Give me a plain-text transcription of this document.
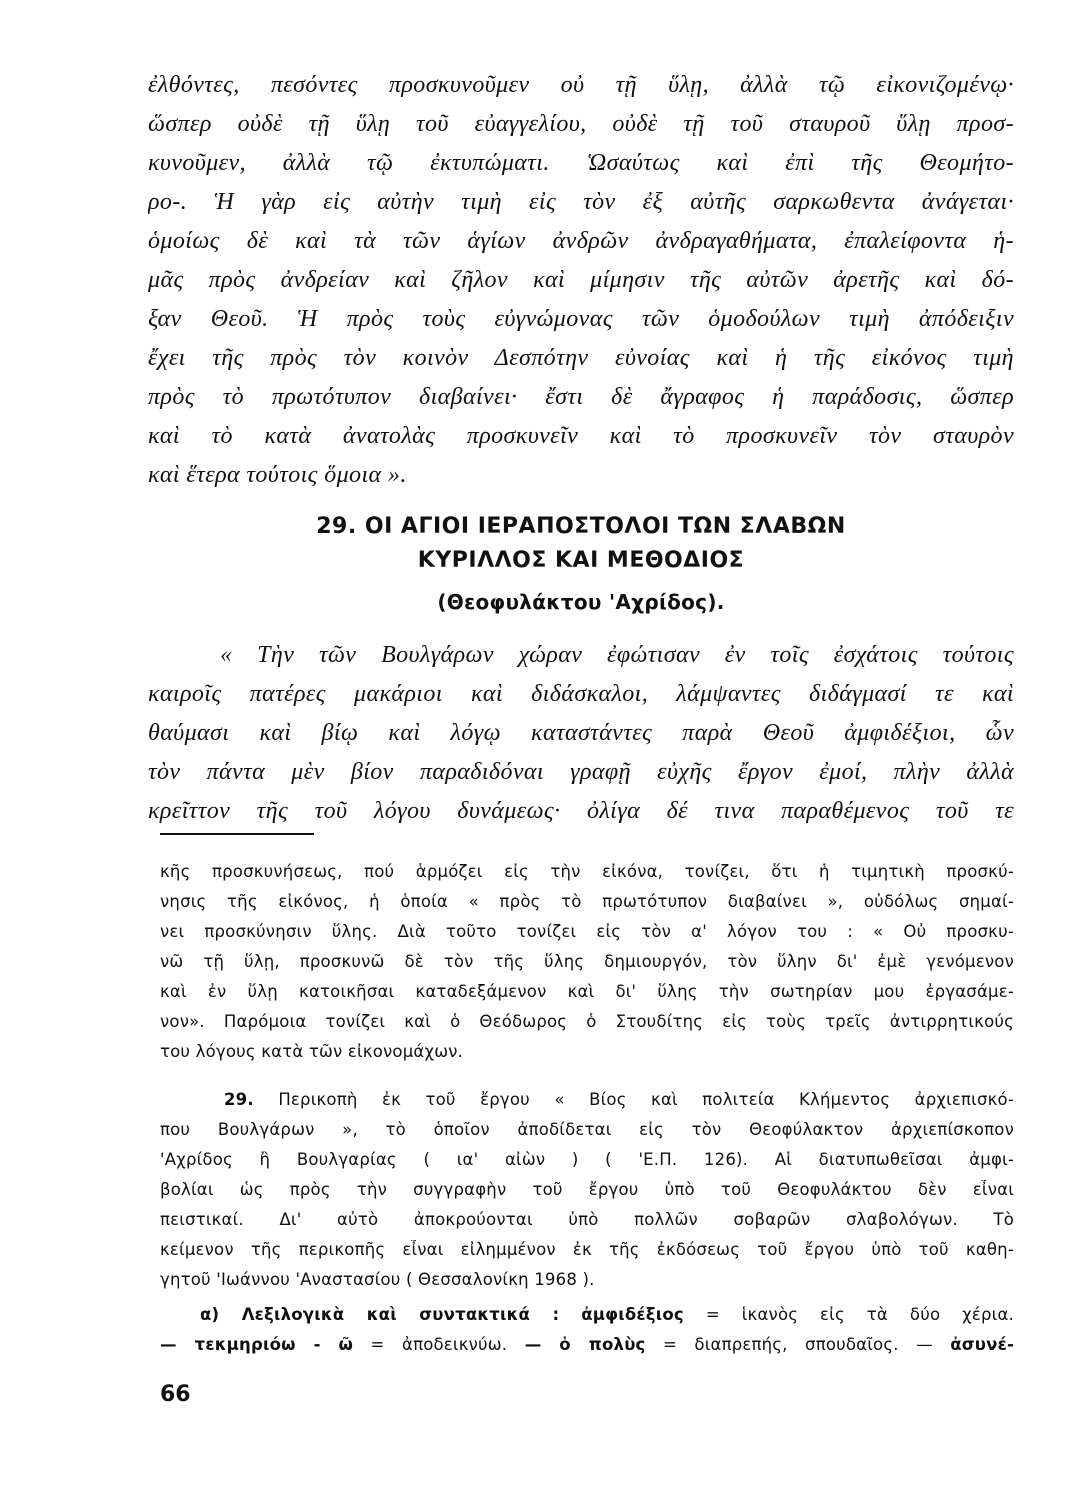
ἐλθόντες, πεσόντες προσκυνοῦμεν οὐ τῇ ὕλῃ, ἀλλὰ τῷ εἰκονιζομένῳ·
ὥσπερ οὐδὲ τῇ ὕλῃ τοῦ εὐαγγελίου, οὐδὲ τῇ τοῦ σταυροῦ ὕλῃ προσ-
κυνοῦμεν, ἀλλὰ τῷ ἐκτυπώματι. Ὡσαύτως καὶ ἐπὶ τῆς Θεομήτο-
ρο-. Ἡ γὰρ εἰς αὐτὴν τιμὴ εἰς τὸν ἐξ αὐτῆς σαρκωθεντα ἀνάγεται·
ὁμοίως δὲ καὶ τὰ τῶν ἁγίων ἀνδρῶν ἀνδραγαθήματα, ἐπαλείφοντα ἡ-
μᾶς πρὸς ἀνδρείαν καὶ ζῆλον καὶ μίμησιν τῆς αὐτῶν ἀρετῆς καὶ δό-
ξαν Θεοῦ. Ἡ πρὸς τοὺς εὐγνώμονας τῶν ὁμοδούλων τιμὴ ἀπόδειξιν
ἔχει τῆς πρὸς τὸν κοινὸν Δεσπότην εὐνοίας καὶ ἡ τῆς εἰκόνος τιμὴ
πρὸς τὸ πρωτότυπον διαβαίνει· ἔστι δὲ ἄγραφος ἡ παράδοσις, ὥσπερ
καὶ τὸ κατὰ ἀνατολὰς προσκυνεῖν καὶ τὸ προσκυνεῖν τὸν σταυρὸν
καὶ ἕτερα τούτοις ὅμοια ».
29. ΟΙ ΑΓΙΟΙ ΙΕΡΑΠΟΣΤΟΛΟΙ ΤΩΝ ΣΛΑΒΩΝ
ΚΥΡΙΛΛΟΣ ΚΑΙ ΜΕΘΟΔΙΟΣ
(Θεοφυλάκτου 'Αχρίδος).
« Τὴν τῶν Βουλγάρων χώραν ἐφώτισαν ἐν τοῖς ἐσχάτοις τούτοις
καιροῖς πατέρες μακάριοι καὶ διδάσκαλοι, λάμψαντες διδάγμασί τε καὶ
θαύμασι καὶ βίῳ καὶ λόγῳ καταστάντες παρὰ Θεοῦ ἀμφιδέξιοι, ὧν
τὸν πάντα μὲν βίον παραδιδόναι γραφῇ εὐχῆς ἔργον ἐμοί, πλὴν ἀλλὰ
κρεῖττον τῆς τοῦ λόγου δυνάμεως· ὀλίγα δέ τινα παραθέμενος τοῦ τε
κῆς προσκυνήσεως, πού ἁρμόζει εἰς τὴν εἰκόνα, τονίζει, ὅτι ἡ τιμητικὴ προσκύ-
νησις τῆς εἰκόνος, ἡ ὁποία « πρὸς τὸ πρωτότυπον διαβαίνει », οὐδόλως σημαί-
νει προσκύνησιν ὕλης. Διὰ τοῦτο τονίζει εἰς τὸν α' λόγον του : « Οὐ προσκυ-
νῶ τῇ ὕλῃ, προσκυνῶ δὲ τὸν τῆς ὕλης δημιουργόν, τὸν ὕλην δι' ἐμὲ γενόμενον
καὶ ἐν ὕλῃ κατοικῆσαι καταδεξάμενον καὶ δι' ὕλης τὴν σωτηρίαν μου ἐργασάμε-
νον». Παρόμοια τονίζει καὶ ὁ Θεόδωρος ὁ Στουδίτης εἰς τοὺς τρεῖς ἀντιρρητικούς
του λόγους κατὰ τῶν εἰκονομάχων.
29. Περικοπὴ ἐκ τοῦ ἔργου « Βίος καὶ πολιτεία Κλήμεντος ἀρχιεπισκό-
που Βουλγάρων », τὸ ὁποῖον ἀποδίδεται εἰς τὸν Θεοφύλακτον ἀρχιεπίσκοπον
'Αχρίδος ἢ Βουλγαρίας ( ια' αἰὼν ) ( 'Ε.Π. 126). Αἱ διατυπωθεῖσαι ἀμφι-
βολίαι ὡς πρὸς τὴν συγγραφὴν τοῦ ἔργου ὑπὸ τοῦ Θεοφυλάκτου δὲν εἶναι
πειστικαί. Δι' αὐτὸ ἀποκρούονται ὑπὸ πολλῶν σοβαρῶν σλαβολόγων. Τὸ
κείμενον τῆς περικοπῆς εἶναι εἰλημμένον ἐκ τῆς ἐκδόσεως τοῦ ἔργου ὑπὸ τοῦ καθη-
γητοῦ 'Ιωάννου 'Αναστασίου ( Θεσσαλονίκη 1968 ).
α) Λεξιλογικὰ καὶ συντακτικά : ἀμφιδέξιος = ἱκανὸς εἰς τὰ δύο χέρια.
— τεκμηριόω - ῶ = ἀποδεικνύω. — ὁ πολὺς = διαπρεπής, σπουδαῖος. — ἀσυνέ-
66
